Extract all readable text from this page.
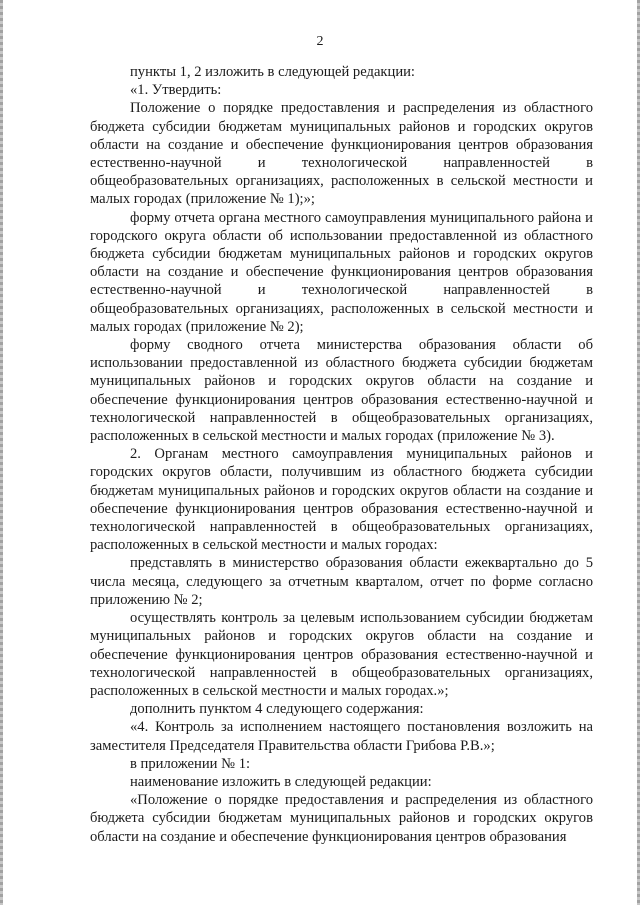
2

пункты 1, 2 изложить в следующей редакции:

«1. Утвердить:

Положение о порядке предоставления и распределения из областного бюджета субсидии бюджетам муниципальных районов и городских округов области на создание и обеспечение функционирования центров образования естественно-научной и технологической направленностей в общеобразовательных организациях, расположенных в сельской местности и малых городах (приложение № 1);»;

форму отчета органа местного самоуправления муниципального района и городского округа области об использовании предоставленной из областного бюджета субсидии бюджетам муниципальных районов и городских округов области на создание и обеспечение функционирования центров образования естественно-научной и технологической направленностей в общеобразовательных организациях, расположенных в сельской местности и малых городах (приложение № 2);

форму сводного отчета министерства образования области об использовании предоставленной из областного бюджета субсидии бюджетам муниципальных районов и городских округов области на создание и обеспечение функционирования центров образования естественно-научной и технологической направленностей в общеобразовательных организациях, расположенных в сельской местности и малых городах (приложение № 3).

2. Органам местного самоуправления муниципальных районов и городских округов области, получившим из областного бюджета субсидии бюджетам муниципальных районов и городских округов области на создание и обеспечение функционирования центров образования естественно-научной и технологической направленностей в общеобразовательных организациях, расположенных в сельской местности и малых городах:

представлять в министерство образования области ежеквартально до 5 числа месяца, следующего за отчетным кварталом, отчет по форме согласно приложению № 2;

осуществлять контроль за целевым использованием субсидии бюджетам муниципальных районов и городских округов области на создание и обеспечение функционирования центров образования естественно-научной и технологической направленностей в общеобразовательных организациях, расположенных в сельской местности и малых городах.»;

дополнить пунктом 4 следующего содержания:

«4. Контроль за исполнением настоящего постановления возложить на заместителя Председателя Правительства области Грибова Р.В.»;

в приложении № 1:

наименование изложить в следующей редакции:

«Положение о порядке предоставления и распределения из областного бюджета субсидии бюджетам муниципальных районов и городских округов области на создание и обеспечение функционирования центров образования
